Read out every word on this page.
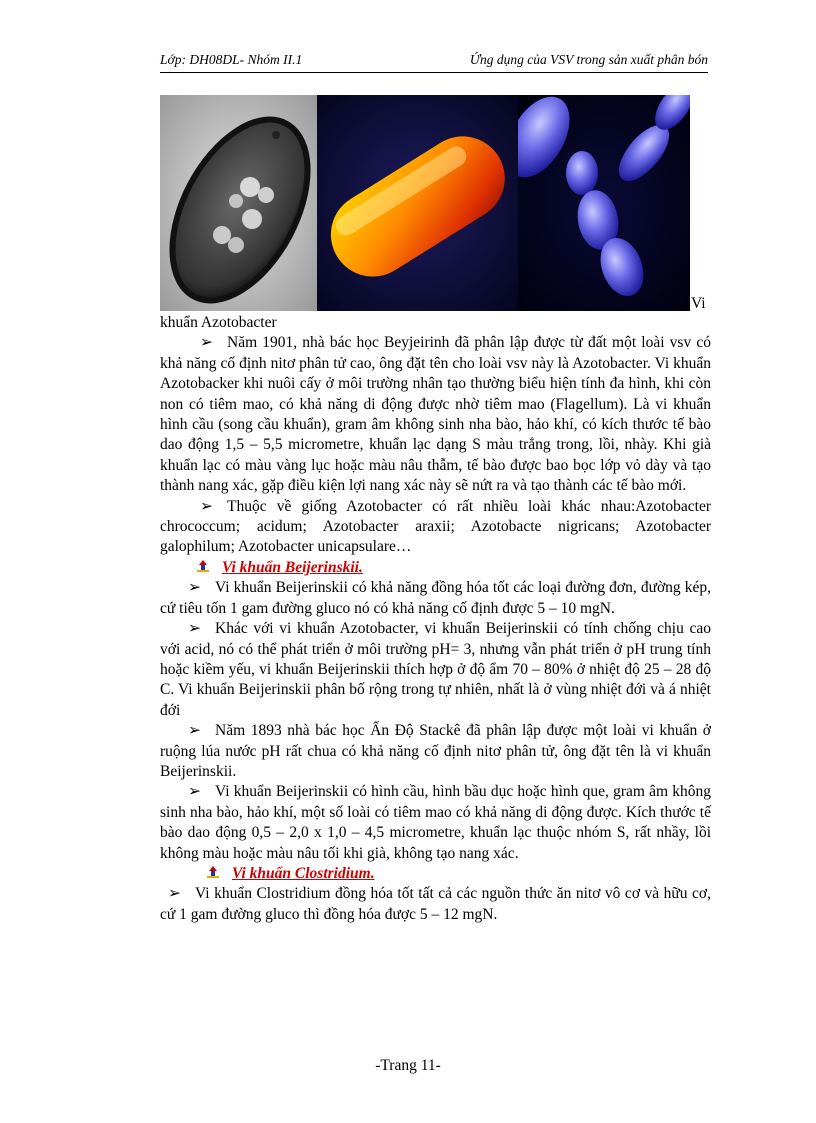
Lớp: DH08DL- Nhóm II.1	Ứng dụng của VSV trong sản xuất phân bón
Vi

khuẩn Azotobacter

➢ Năm 1901, nhà bác học Beyjeirinh đã phân lập được từ đất một loài vsv có khả năng cố định nitơ phân tử cao, ông đặt tên cho loài vsv này là Azotobacter. Vi khuẩn Azotobacker khi nuôi cấy ở môi trường nhân tạo thường biểu hiện tính đa hình, khi còn non có tiêm mao, có khả năng di động được nhờ tiêm mao (Flagellum). Là vi khuẩn hình cầu (song cầu khuẩn), gram âm không sinh nha bào, hảo khí, có kích thước tế bào dao động 1,5 – 5,5 micrometre, khuẩn lạc dạng S màu trắng trong, lồi, nhày. Khi già khuẩn lạc có màu vàng lục hoặc màu nâu thẫm, tế bào được bao bọc lớp vỏ dày và tạo thành nang xác, gặp điều kiện lợi nang xác này sẽ nứt ra và tạo thành các tế bào mới.

➢ Thuộc về giống Azotobacter có rất nhiều loài khác nhau:Azotobacter chrococcum; acidum; Azotobacter araxii; Azotobacte nigricans; Azotobacter galophilum; Azotobacter unicapsulare…

Vi khuẩn Beijerinskii.

➢ Vi khuẩn Beijerinskii có khả năng đồng hóa tốt các loại đường đơn, đường kép, cứ tiêu tốn 1 gam đường gluco nó có khả năng cố định được 5 – 10 mgN.

➢ Khác với vi khuẩn Azotobacter, vi khuẩn Beijerinskii có tính chống chịu cao với acid, nó có thể phát triển ở môi trường pH= 3, nhưng vẫn phát triển ở pH trung tính hoặc kiềm yếu, vi khuẩn Beijerinskii thích hợp ở độ ẩm 70 – 80% ở nhiệt độ 25 – 28 độ C. Vi khuẩn Beijerinskii phân bố rộng trong tự nhiên, nhất là ở vùng nhiệt đới và á nhiệt đới

➢ Năm 1893 nhà bác học Ấn Độ Stackê đã phân lập được một loài vi khuẩn ở ruộng lúa nước pH rất chua có khả năng cố định nitơ phân tử, ông đặt tên là vi khuẩn Beijerinskii.

➢ Vi khuẩn Beijerinskii có hình cầu, hình bầu dục hoặc hình que, gram âm không sinh nha bào, hảo khí, một số loài có tiêm mao có khả năng di động được. Kích thước tế bào dao động 0,5 – 2,0 x 1,0 – 4,5 micrometre, khuẩn lạc thuộc nhóm S, rất nhầy, lồi không màu hoặc màu nâu tối khi già, không tạo nang xác.

Vi khuẩn Clostridium.

➢ Vi khuẩn Clostridium đồng hóa tốt tất cả các nguồn thức ăn nitơ vô cơ và hữu cơ, cứ 1 gam đường gluco thì đồng hóa được 5 – 12 mgN.

-Trang 11-
